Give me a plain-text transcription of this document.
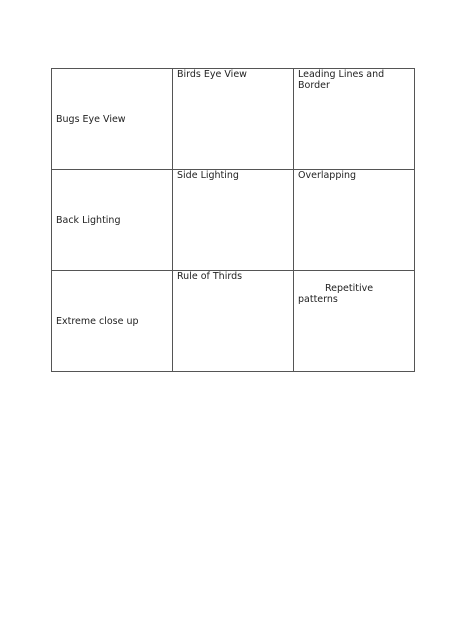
Bugs Eye View	Birds Eye View	Leading Lines and Border

Back Lighting	Side Lighting	Overlapping

Extreme close up	Rule of Thirds	Repetitive
patterns
